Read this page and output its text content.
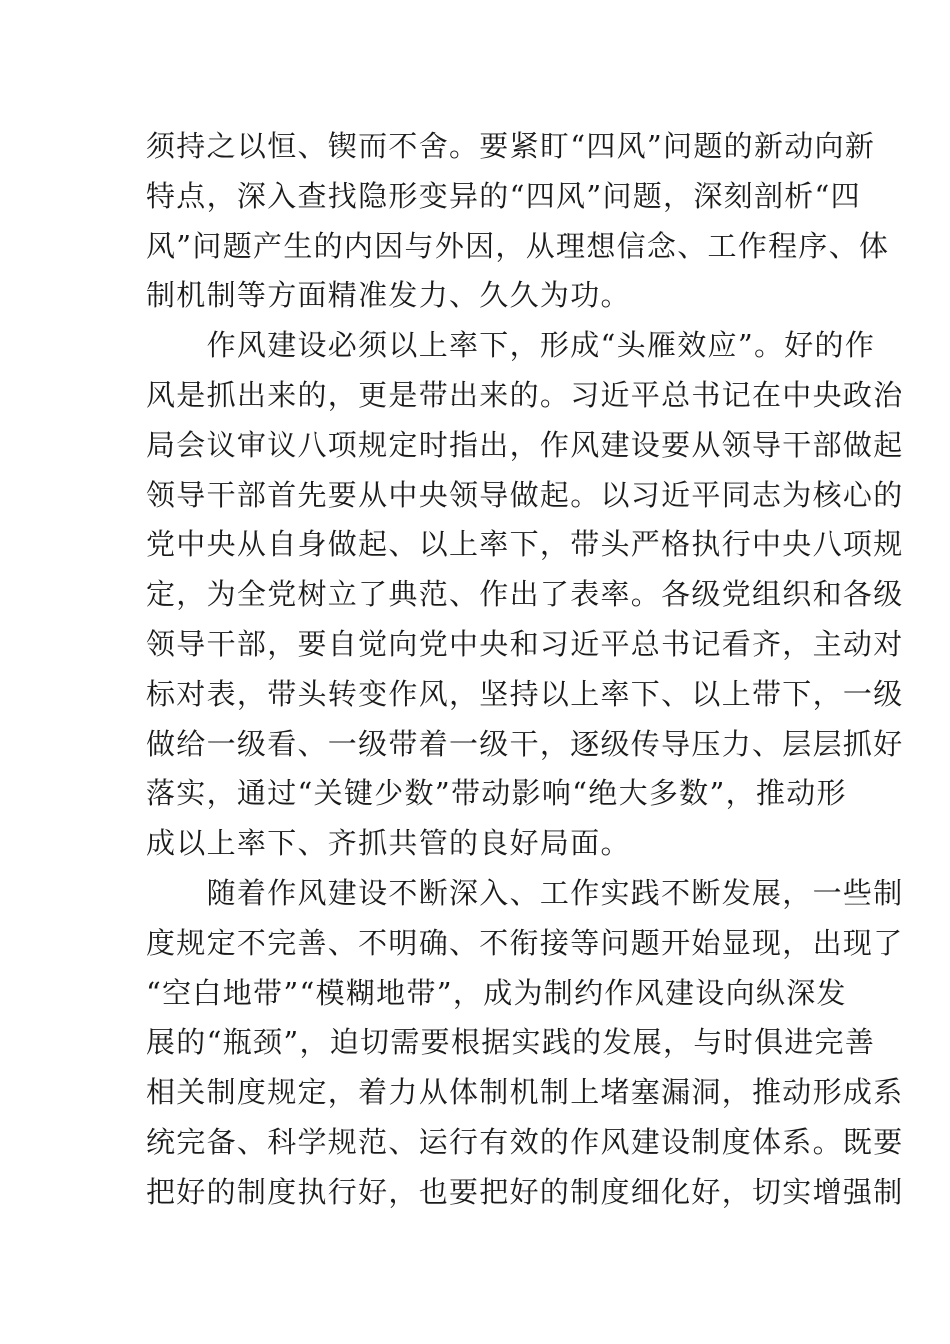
须持之以恒、锲而不舍。要紧盯“四风”问题的新动向新
特点，深入查找隐形变异的“四风”问题，深刻剖析“四
风”问题产生的内因与外因，从理想信念、工作程序、体
制机制等方面精准发力、久久为功。
　　作风建设必须以上率下，形成“头雁效应”。好的作
风是抓出来的，更是带出来的。习近平总书记在中央政治
局会议审议八项规定时指出，作风建设要从领导干部做起
领导干部首先要从中央领导做起。以习近平同志为核心的
党中央从自身做起、以上率下，带头严格执行中央八项规
定，为全党树立了典范、作出了表率。各级党组织和各级
领导干部，要自觉向党中央和习近平总书记看齐，主动对
标对表，带头转变作风，坚持以上率下、以上带下，一级
做给一级看、一级带着一级干，逐级传导压力、层层抓好
落实，通过“关键少数”带动影响“绝大多数”，推动形
成以上率下、齐抓共管的良好局面。
　　随着作风建设不断深入、工作实践不断发展，一些制
度规定不完善、不明确、不衔接等问题开始显现，出现了
“空白地带”“模糊地带”，成为制约作风建设向纵深发
展的“瓶颈”，迫切需要根据实践的发展，与时俱进完善
相关制度规定，着力从体制机制上堵塞漏洞，推动形成系
统完备、科学规范、运行有效的作风建设制度体系。既要
把好的制度执行好，也要把好的制度细化好，切实增强制
